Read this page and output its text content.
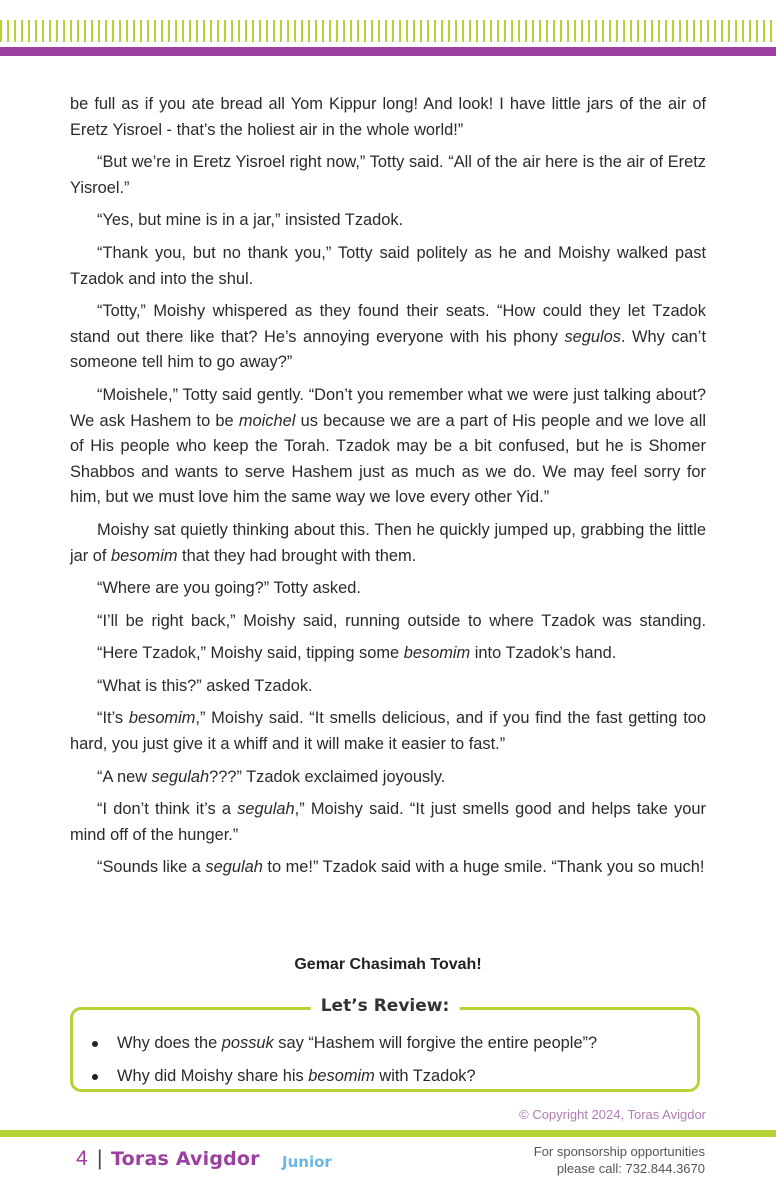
be full as if you ate bread all Yom Kippur long! And look! I have little jars of the air of Eretz Yisroel - that’s the holiest air in the whole world!”

“But we’re in Eretz Yisroel right now,” Totty said. “All of the air here is the air of Eretz Yisroel.”

“Yes, but mine is in a jar,” insisted Tzadok.

“Thank you, but no thank you,” Totty said politely as he and Moishy walked past Tzadok and into the shul.

“Totty,” Moishy whispered as they found their seats. “How could they let Tzadok stand out there like that? He’s annoying everyone with his phony segulos. Why can’t someone tell him to go away?”

“Moishele,” Totty said gently. “Don’t you remember what we were just talking about? We ask Hashem to be moichel us because we are a part of His people and we love all of His people who keep the Torah. Tzadok may be a bit confused, but he is Shomer Shabbos and wants to serve Hashem just as much as we do. We may feel sorry for him, but we must love him the same way we love every other Yid.”

Moishy sat quietly thinking about this. Then he quickly jumped up, grabbing the little jar of besomim that they had brought with them.

“Where are you going?” Totty asked.

“I’ll be right back,” Moishy said, running outside to where Tzadok was standing.

“Here Tzadok,” Moishy said, tipping some besomim into Tzadok’s hand.

“What is this?” asked Tzadok.

“It’s besomim,” Moishy said. “It smells delicious, and if you find the fast getting too hard, you just give it a whiff and it will make it easier to fast.”

“A new segulah???” Tzadok exclaimed joyously.

“I don’t think it’s a segulah,” Moishy said. “It just smells good and helps take your mind off of the hunger.”

“Sounds like a segulah to me!” Tzadok said with a huge smile. “Thank you so much!

Gemar Chasimah Tovah!
Let’s Review:
Why does the possuk say “Hashem will forgive the entire people”?
Why did Moishy share his besomim with Tzadok?
© Copyright 2024, Toras Avigdor
4 | Toras Avigdor Junior
For sponsorship opportunities
please call: 732.844.3670
